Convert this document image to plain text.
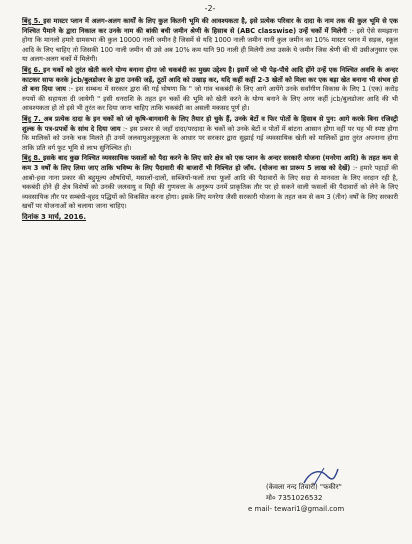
-2-

बिंदु 5. इस मास्टर प्लान में अलग-अलग कार्यों के लिए कुल कितनी भूमि की आवश्यकता है, इसे प्रत्येक परिवार के दादा के नाम तक की कुल भूमि से एक निश्चित पैमाने के द्वारा निकाल कर उनके नाम की बांकी बची जमीन श्रेणी के हिसाब से (ABC classwise) उन्हें चकों में मिलेगी :- इसे ऐसे समझाना होगा कि मानलो हमारे ग्रामसभा की कुल 10000 नाली जमीन है जिसमें से यदि 1000 नाली जमीन यानी कुल जमीन का 10% मास्टर प्लान में सड़क, स्कूल आदि के लिए चाहिए तो जिसकी 100 नाली जमीन थी उसे अब 10% कम यानि 90 नाली ही मिलेगी तथा उसके ये जमीन जिस श्रेणी की थी उसीअनुसार एक या अलग-अलग चकों में मिलेगी।

बिंदु 6. इन चकों को तुरंत खेती करने योग्य बनाना होगा जो चकबंदी का मुख्य उद्देश्य है। इसमें जो भी पेड़-पौधे आदि होंगे उन्हें एक निश्चित अवधि के अन्दर काटकर साफ करके jcb/बुलडोजर के द्वारा उनकी जड़ें, ठूठों आदि को उखाड़ कर, यदि कहीं कहीं 2-3 खेतों को मिला कर एक बड़ा खेत बनाना भी संभव हो तो बना दिया जाय :- इस सम्बन्ध में सरकार द्वारा की गई घोषणा कि " जो गांव चकबंदी के लिए आगे आयेंगे उनके सर्वांगीण विकास के लिए 1 (एक) करोड़ रुपयों की सहायता दी जायेगी " इसी धनराशि के तहत इन चकों की भूमि को खेती करने के योग्य बनाने के लिए अगर कहीं jcb/बुलडोजर आदि की भी आवश्यकता हो तो इसे भी तुरंत कर दिया जाना चाहिए ताकि चकबंदी का असली मकसद पूर्ण हो।

बिंदु 7. अब प्रत्येक दादा के इन चकों को जो कृषि-बागवानी के लिए तैयार हो चुके हैं, उनके बेटों व फिर पोतों के हिसाब से पुन: आगे करके बिना रजिस्ट्री शुल्क के पत्र-प्रपत्रों के सांथ दे दिया जाय :- इस प्रकार से जहाँ दादा/परदादा के चकों को उनके बेटों व पोतों में बांटना आसान होगा वहीं पर यह भी स्पष्ट होगा कि मालिकों को उनके चक मिलते ही उनमें जलवायुअनुकूलता के आधार पर सरकार द्वारा सुझाई गई व्यवसायिक खेती को मालिकों द्वारा तुरंत अपनाना होगा ताकि प्रति वर्ग फुट भूमि से लाभ सुनिश्चित हो।

बिंदु 8. इसके बाद कुछ निश्चित व्यवसायिक फसलों को पैदा करने के लिए सारे क्षेत्र को एक प्लान के अन्दर सरकारी योजना (मनरेगा आदि) के तहत कम से कम 3 वर्षों के लिए लिया जाए ताकि भविष्य के लिए पैदावारी की बाजारों भी निश्चित हो जाँय. (योजना का प्रारूप 5 लाख को देखें) :- हमारे पहाड़ों की आबो-हवा नाना प्रकार की बहुमूल्य औषधियों, मसालों-दालों, सब्जियों-फलों तथा फूलों आदि की पैदावारों के लिए सदा से मानवता के लिए वरदान रही है, चकबंदी होने ही क्षेत्र विशेषों को उनकी जलवायु व मिट्टी की गुणवत्ता के अनुरूप उनमें प्राकृतिक तौर पर हो सकने वाली फसलों की पैदावारों को लेने के लिए व्यवसायिक तौर पर सम्बंधी-वृहद पद्धियों को विकसित करना होगा। इसके लिए मनरेगा जैसी सरकारी योजना के तहत कम से कम 3 (तीन) वर्षों के लिए सरकारी खर्चों पर योजनाओं को चलाया जाना चाहिए।

दिनांक 3 मार्च, 2016.
(केवला नन्द तिवारी) "फकीर"
मो० 7351026532
e mail- tewari1@gmail.com
